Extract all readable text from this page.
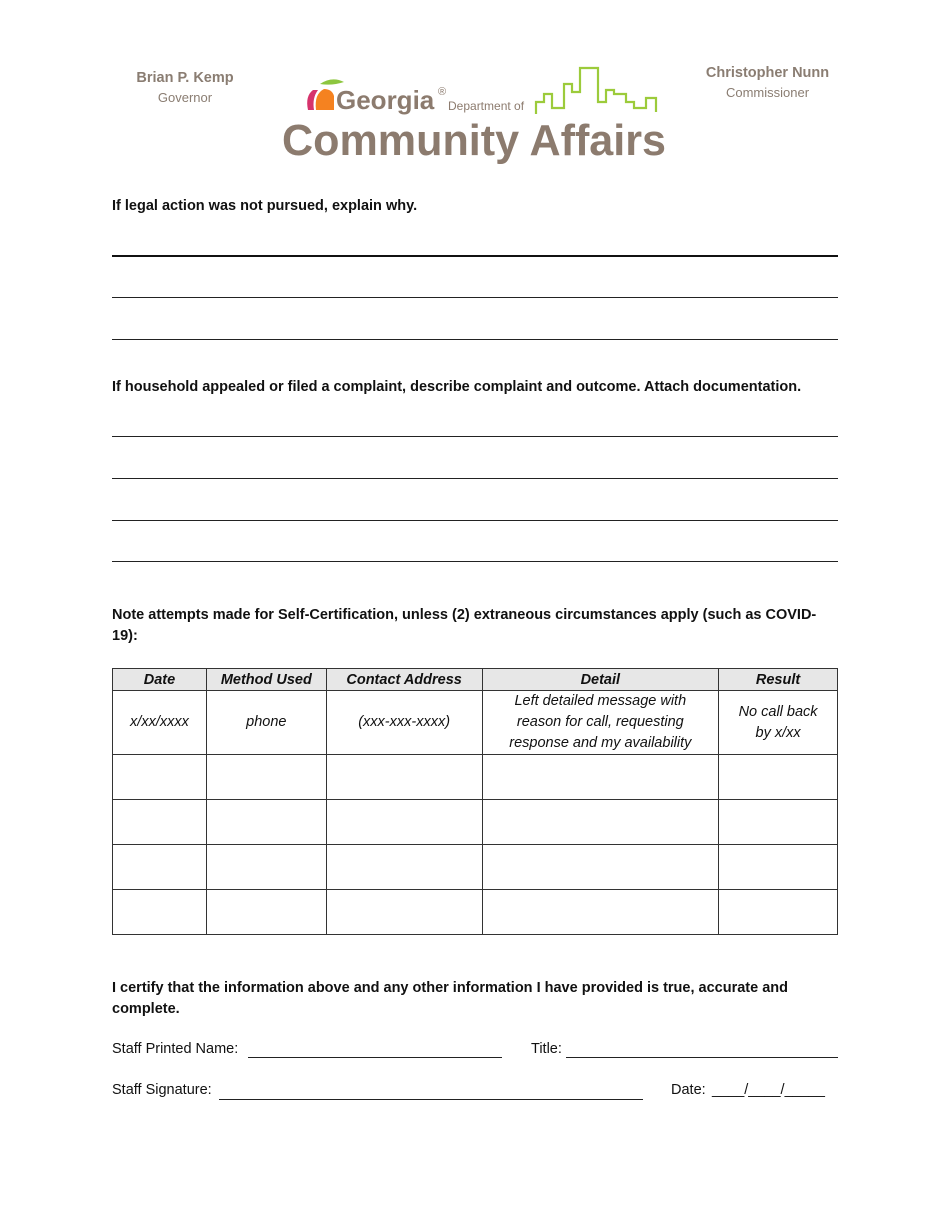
Brian P. Kemp
Governor
Christopher Nunn
Commissioner
Georgia ®
Department of
Community Affairs
If legal action was not pursued, explain why.
If household appealed or filed a complaint, describe complaint and outcome. Attach documentation.
Note attempts made for Self-Certification, unless (2) extraneous circumstances apply (such as COVID-19):
Date	Method Used	Contact Address	Detail	Result
x/xx/xxxx	phone	(xxx-xxx-xxxx)	Left detailed message with reason for call, requesting response and my availability	No call back by x/xx

I certify that the information above and any other information I have provided is true, accurate and complete.
Staff Printed Name:	Title:
Staff Signature:	Date: ____/____/_____
